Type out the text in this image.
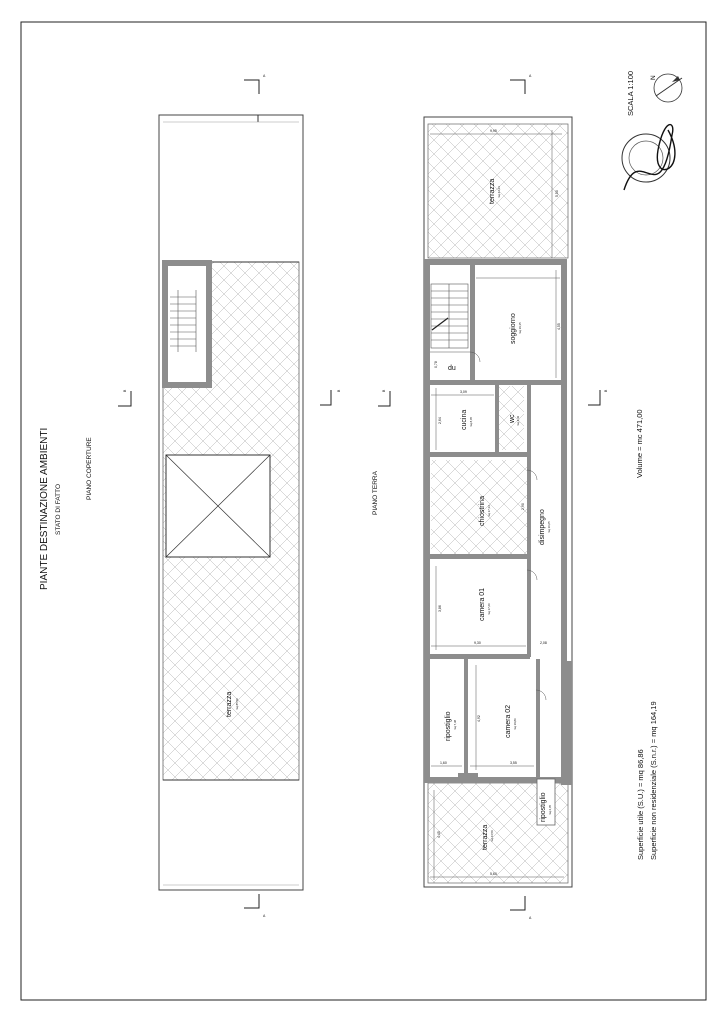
PIANTE DESTINAZIONE AMBIENTI STATO DI FATTO
PIANO COPERTURE	PIANO TERRA
terrazza mq 85,50
A
A
B	B
du
terrazza mq 41,44
soggiorno mq 19,15
cucina mq 8,65	wc mq 4,43
chiostrina mq 17,14	disimpegno mq 10,65
camera 01 mq 17,20
camera 02 mq 19,86
ripostiglio mq 7,38
terrazza mq 23,59
ripostiglio mq 2,05
9,95
5,50
4,55
2,64
3,09
4,92
3,86
9,30
2,90
2,08
1,60	3,55
4,45
0,78
5,60
A
A
B	B
SCALA 1:100 N
Volume = mc 471,00
Superficie utile (S.U.) = mq 86,86 Superficie non residenziale (S.n.r.) = mq 164,19
